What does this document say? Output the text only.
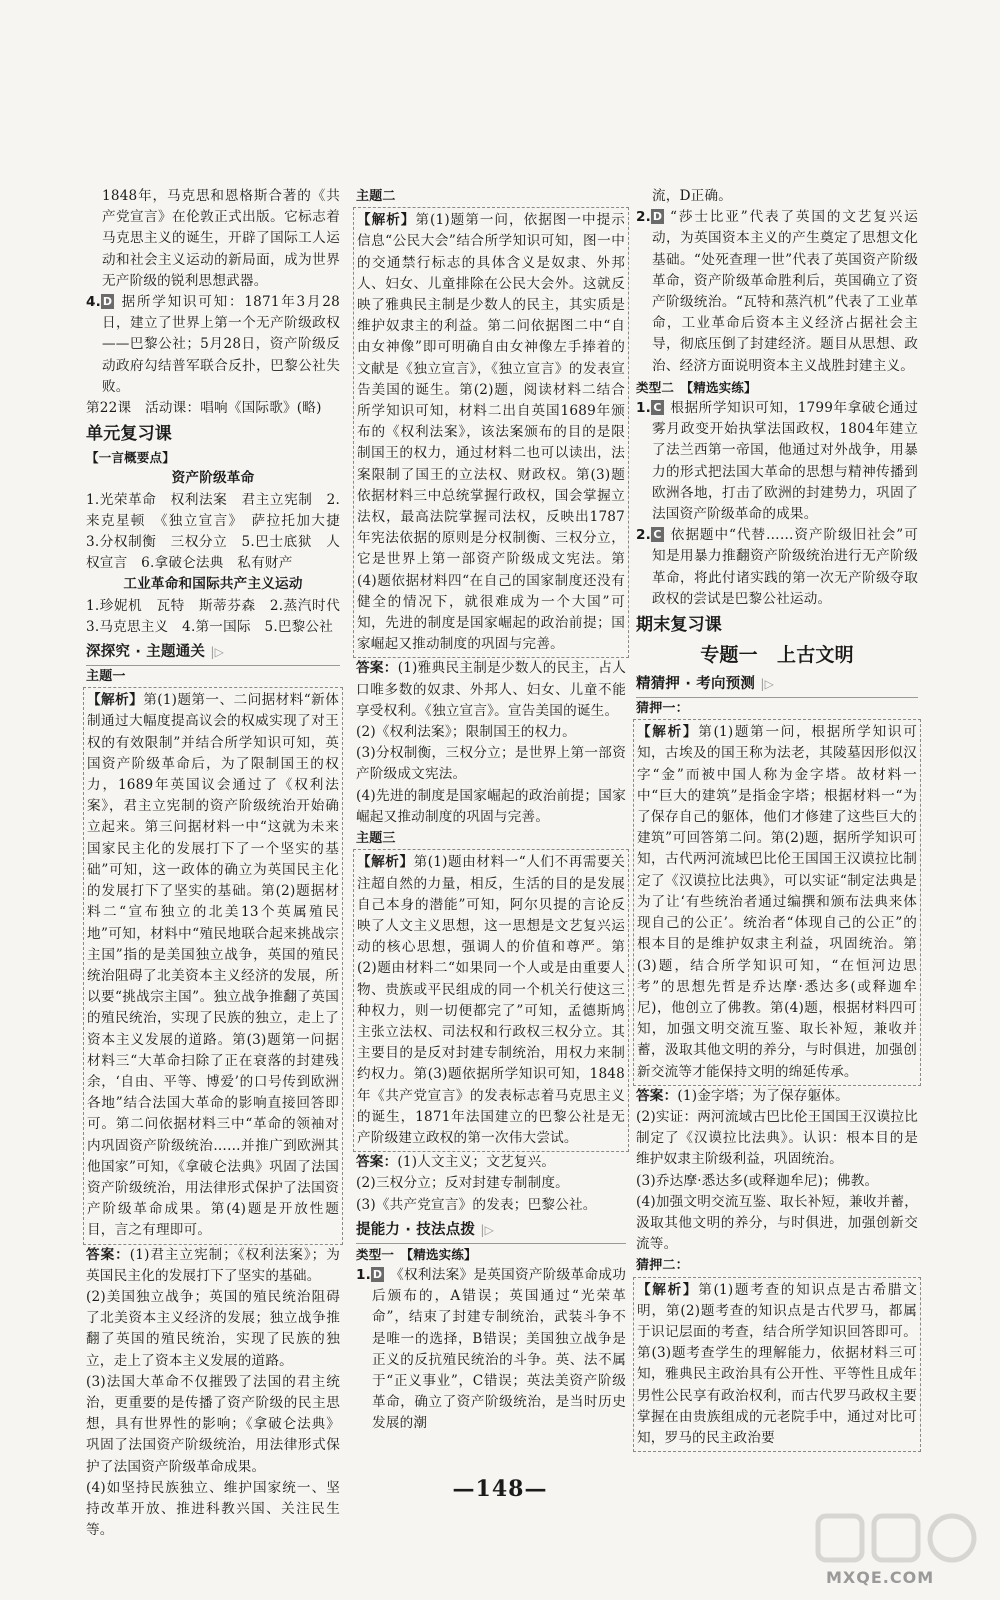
1848年，马克思和恩格斯合著的《共产党宣言》在伦敦正式出版。它标志着马克思主义的诞生，开辟了国际工人运动和社会主义运动的新局面，成为世界无产阶级的锐利思想武器。

4. D 据所学知识可知：1871年3月28日，建立了世界上第一个无产阶级政权——巴黎公社；5月28日，资产阶级反动政府勾结普军联合反扑，巴黎公社失败。

第22课　活动课：唱响《国际歌》(略)

单元复习课
【一言概要点】
资产阶级革命

1.光荣革命　权利法案　君主立宪制　2.来克星顿　《独立宣言》　萨拉托加大捷　3.分权制衡　三权分立　5.巴士底狱　人权宣言　6.拿破仑法典　私有财产

工业革命和国际共产主义运动

1.珍妮机　瓦特　斯蒂芬森　2.蒸汽时代　3.马克思主义　4.第一国际　5.巴黎公社

深探究 · 主题通关 |▷
主题一

【解析】第(1)题第一、二问据材料“新体制通过大幅度提高议会的权威实现了对王权的有效限制”并结合所学知识可知，英国资产阶级革命后，为了限制国王的权力，1689年英国议会通过了《权利法案》，君主立宪制的资产阶级统治开始确立起来。第三问据材料一中“这就为未来国家民主化的发展打下了一个坚实的基础”可知，这一政体的确立为英国民主化的发展打下了坚实的基础。第(2)题据材料二“宣布独立的北美13个英属殖民地”可知，材料中“殖民地联合起来挑战宗主国”指的是美国独立战争，英国的殖民统治阻碍了北美资本主义经济的发展，所以要“挑战宗主国”。独立战争推翻了英国的殖民统治，实现了民族的独立，走上了资本主义发展的道路。第(3)题第一问据材料三“大革命扫除了正在衰落的封建残余，‘自由、平等、博爱’的口号传到欧洲各地”结合法国大革命的影响直接回答即可。第二问依据材料三中“革命的领袖对内巩固资产阶级统治……并推广到欧洲其他国家”可知，《拿破仑法典》巩固了法国资产阶级统治，用法律形式保护了法国资产阶级革命成果。第(4)题是开放性题目，言之有理即可。

答案：(1)君主立宪制；《权利法案》；为英国民主化的发展打下了坚实的基础。

(2)美国独立战争；英国的殖民统治阻碍了北美资本主义经济的发展；独立战争推翻了英国的殖民统治，实现了民族的独立，走上了资本主义发展的道路。

(3)法国大革命不仅摧毁了法国的君主统治，更重要的是传播了资产阶级的民主思想，具有世界性的影响；《拿破仑法典》巩固了法国资产阶级统治，用法律形式保护了法国资产阶级革命成果。

(4)如坚持民族独立、维护国家统一、坚持改革开放、推进科教兴国、关注民生等。

主题二

【解析】第(1)题第一问，依据图一中提示信息“公民大会”结合所学知识可知，图一中的交通禁行标志的具体含义是奴隶、外邦人、妇女、儿童排除在公民大会外。这就反映了雅典民主制是少数人的民主，其实质是维护奴隶主的利益。第二问依据图二中“自由女神像”即可明确自由女神像左手捧着的文献是《独立宣言》，《独立宣言》的发表宣告美国的诞生。第(2)题，阅读材料二结合所学知识可知，材料二出自英国1689年颁布的《权利法案》，该法案颁布的目的是限制国王的权力，通过材料二也可以读出，法案限制了国王的立法权、财政权。第(3)题依据材料三中总统掌握行政权，国会掌握立法权，最高法院掌握司法权，反映出1787年宪法依据的原则是分权制衡、三权分立，它是世界上第一部资产阶级成文宪法。第(4)题依据材料四“在自己的国家制度还没有健全的情况下，就很难成为一个大国”可知，先进的制度是国家崛起的政治前提；国家崛起又推动制度的巩固与完善。

答案：(1)雅典民主制是少数人的民主，占人口唯多数的奴隶、外邦人、妇女、儿童不能享受权利。《独立宣言》。宣告美国的诞生。

(2)《权利法案》；限制国王的权力。

(3)分权制衡，三权分立；是世界上第一部资产阶级成文宪法。

(4)先进的制度是国家崛起的政治前提；国家崛起又推动制度的巩固与完善。

主题三

【解析】第(1)题由材料一“人们不再需要关注超自然的力量，相反，生活的目的是发展自己本身的潜能”可知，阿尔贝提的言论反映了人文主义思想，这一思想是文艺复兴运动的核心思想，强调人的价值和尊严。第(2)题由材料二“如果同一个人或是由重要人物、贵族或平民组成的同一个机关行使这三种权力，则一切便都完了”可知，孟德斯鸠主张立法权、司法权和行政权三权分立。其主要目的是反对封建专制统治，用权力来制约权力。第(3)题依据所学知识可知，1848年《共产党宣言》的发表标志着马克思主义的诞生，1871年法国建立的巴黎公社是无产阶级建立政权的第一次伟大尝试。

答案：(1)人文主义；文艺复兴。

(2)三权分立；反对封建专制制度。

(3)《共产党宣言》的发表；巴黎公社。

提能力 · 技法点拨 |▷
类型一　【精选实练】

1. D 《权利法案》是英国资产阶级革命成功后颁布的，A错误；英国通过“光荣革命”，结束了封建专制统治，武装斗争不是唯一的选择，B错误；美国独立战争是正义的反抗殖民统治的斗争。英、法不属于“正义事业”，C错误；英法美资产阶级革命，确立了资产阶级统治，是当时历史发展的潮

流，D正确。

2. D “莎士比亚”代表了英国的文艺复兴运动，为英国资本主义的产生奠定了思想文化基础。“处死查理一世”代表了英国资产阶级革命，资产阶级革命胜利后，英国确立了资产阶级统治。“瓦特和蒸汽机”代表了工业革命，工业革命后资本主义经济占据社会主导，彻底压倒了封建经济。题目从思想、政治、经济方面说明资本主义战胜封建主义。

类型二　【精选实练】

1. C 根据所学知识可知，1799年拿破仑通过雾月政变开始执掌法国政权，1804年建立了法兰西第一帝国，他通过对外战争，用暴力的形式把法国大革命的思想与精神传播到欧洲各地，打击了欧洲的封建势力，巩固了法国资产阶级革命的成果。

2. C 依据题中“代替……资产阶级旧社会”可知是用暴力推翻资产阶级统治进行无产阶级革命，将此付诸实践的第一次无产阶级夺取政权的尝试是巴黎公社运动。

期末复习课
专题一　上古文明
精猜押 · 考向预测 |▷
猜押一：

【解析】第(1)题第一问，根据所学知识可知，古埃及的国王称为法老，其陵墓因形似汉字“金”而被中国人称为金字塔。故材料一中“巨大的建筑”是指金字塔；根据材料一“为了保存自己的躯体，他们才修建了这些巨大的建筑”可回答第二问。第(2)题，据所学知识可知，古代两河流域巴比伦王国国王汉谟拉比制定了《汉谟拉比法典》，可以实证“制定法典是为了让‘有些统治者通过编撰和颁布法典来体现自己的公正’。统治者“体现自己的公正”的根本目的是维护奴隶主利益，巩固统治。第(3)题，结合所学知识可知，“在恒河边思考”的思想先哲是乔达摩·悉达多(或释迦牟尼)，他创立了佛教。第(4)题，根据材料四可知，加强文明交流互鉴、取长补短，兼收并蓄，汲取其他文明的养分，与时俱进，加强创新交流等才能保持文明的绵延传承。

答案：(1)金字塔；为了保存躯体。

(2)实证：两河流域古巴比伦王国国王汉谟拉比制定了《汉谟拉比法典》。认识：根本目的是维护奴隶主阶级利益，巩固统治。

(3)乔达摩·悉达多(或释迦牟尼)；佛教。

(4)加强文明交流互鉴、取长补短，兼收并蓄，汲取其他文明的养分，与时俱进，加强创新交流等。

猜押二：

【解析】第(1)题考查的知识点是古希腊文明，第(2)题考查的知识点是古代罗马，都属于识记层面的考查，结合所学知识回答即可。第(3)题考查学生的理解能力，依据材料三可知，雅典民主政治具有公开性、平等性且成年男性公民享有政治权利，而古代罗马政权主要掌握在由贵族组成的元老院手中，通过对比可知，罗马的民主政治要

—148—
MXQE.COM
